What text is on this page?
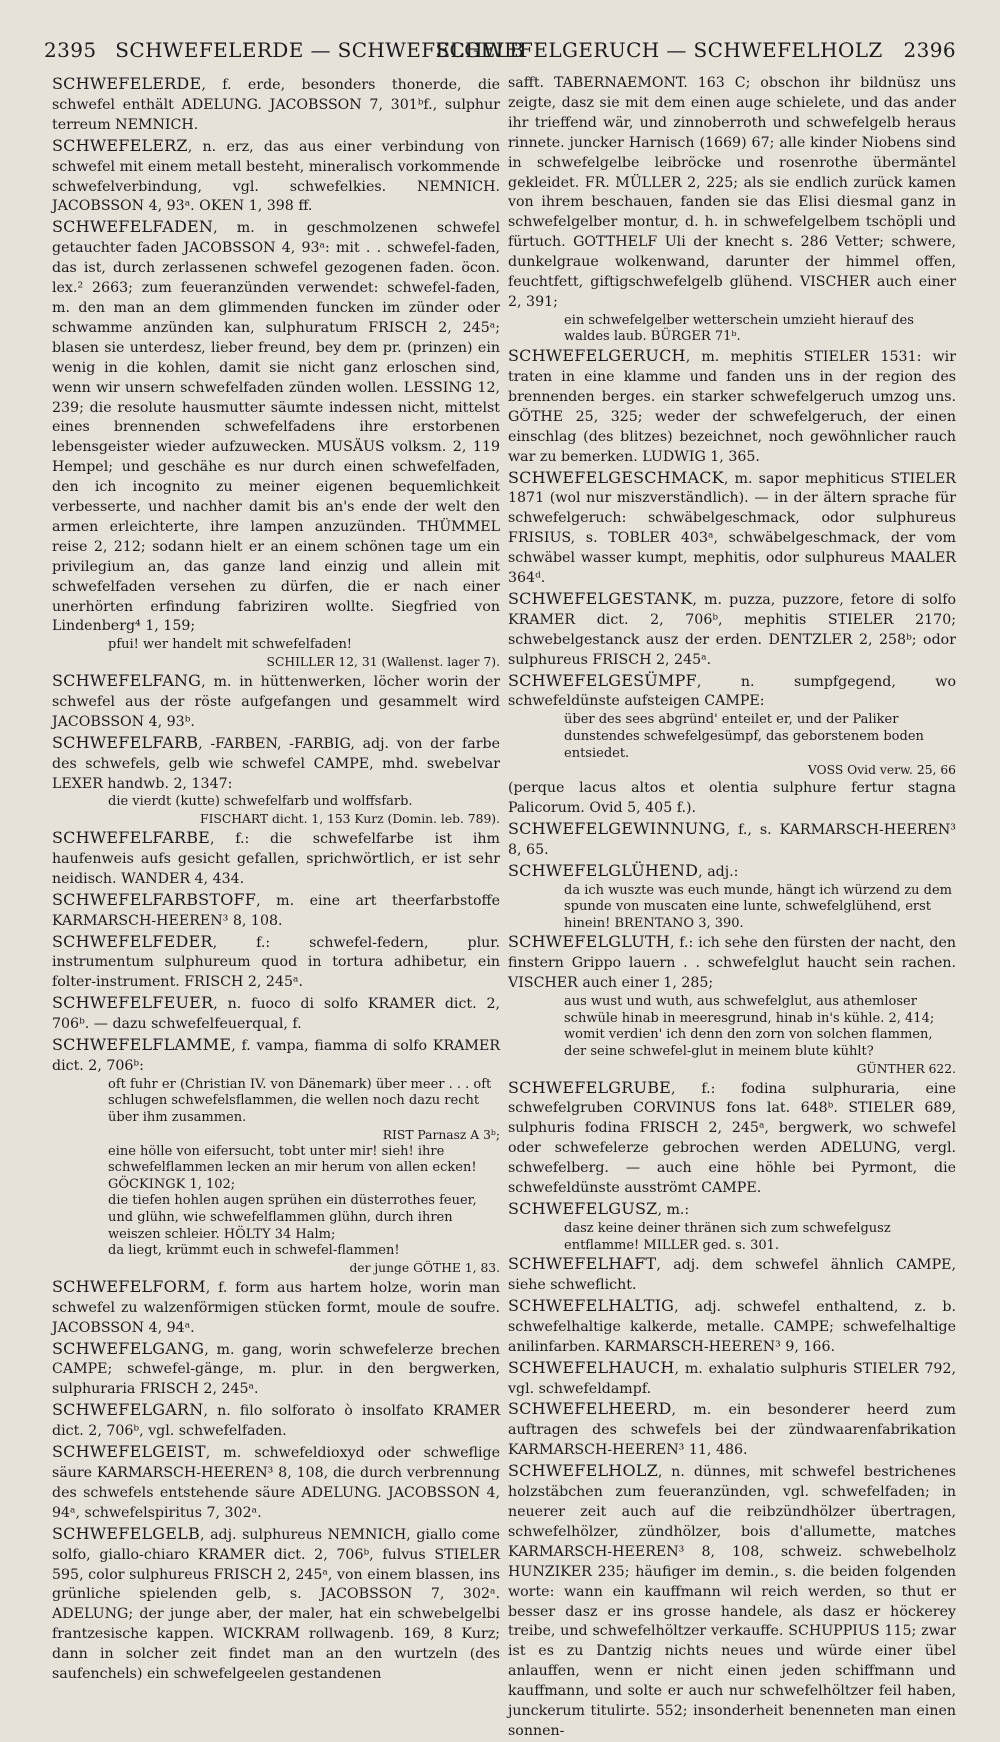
2395 SCHWEFELERDE — SCHWEFELGELB
SCHWEFELGERUCH — SCHWEFELHOLZ 2396

SCHWEFELERDE, f. erde, besonders thonerde, die schwefel enthält ADELUNG. JACOBSSON 7, 301ᵇf., sulphur terreum NEMNICH.

SCHWEFELERZ, n. erz, das aus einer verbindung von schwefel mit einem metall besteht, mineralisch vorkommende schwefelverbindung, vgl. schwefelkies. NEMNICH. JACOBSSON 4, 93ᵃ. OKEN 1, 398 ff.

SCHWEFELFADEN, m. in geschmolzenen schwefel getauchter faden JACOBSSON 4, 93ᵃ: mit . . schwefel-faden, das ist, durch zerlassenen schwefel gezogenen faden. öcon. lex.² 2663; zum feueranzünden verwendet: schwefel-faden, m. den man an dem glimmenden funcken im zünder oder schwamme anzünden kan, sulphuratum FRISCH 2, 245ᵃ; blasen sie unterdesz, lieber freund, bey dem pr. (prinzen) ein wenig in die kohlen, damit sie nicht ganz erloschen sind, wenn wir unsern schwefelfaden zünden wollen. LESSING 12, 239; die resolute hausmutter säumte indessen nicht, mittelst eines brennenden schwefelfadens ihre erstorbenen lebensgeister wieder aufzuwecken. MUSÄUS volksm. 2, 119 Hempel; und geschähe es nur durch einen schwefelfaden, den ich incognito zu meiner eigenen bequemlichkeit verbesserte, und nachher damit bis an's ende der welt den armen erleichterte, ihre lampen anzuzünden. THÜMMEL reise 2, 212; sodann hielt er an einem schönen tage um ein privilegium an, das ganze land einzig und allein mit schwefelfaden versehen zu dürfen, die er nach einer unerhörten erfindung fabriziren wollte. Siegfried von Lindenberg⁴ 1, 159;

pfui! wer handelt mit schwefelfaden!
SCHILLER 12, 31 (Wallenst. lager 7).

SCHWEFELFANG, m. in hüttenwerken, löcher worin der schwefel aus der röste aufgefangen und gesammelt wird JACOBSSON 4, 93ᵇ.

SCHWEFELFARB, -FARBEN, -FARBIG, adj. von der farbe des schwefels, gelb wie schwefel CAMPE, mhd. swebelvar LEXER handwb. 2, 1347:

die vierdt (kutte) schwefelfarb und wolffsfarb.
FISCHART dicht. 1, 153 Kurz (Domin. leb. 789).

SCHWEFELFARBE, f.: die schwefelfarbe ist ihm haufenweis aufs gesicht gefallen, sprichwörtlich, er ist sehr neidisch. WANDER 4, 434.

SCHWEFELFARBSTOFF, m. eine art theerfarbstoffe KARMARSCH-HEEREN³ 8, 108.

SCHWEFELFEDER, f.: schwefel-federn, plur. instrumentum sulphureum quod in tortura adhibetur, ein folter-instrument. FRISCH 2, 245ᵃ.

SCHWEFELFEUER, n. fuoco di solfo KRAMER dict. 2, 706ᵇ. — dazu schwefelfeuerqual, f.

SCHWEFELFLAMME, f. vampa, fiamma di solfo KRAMER dict. 2, 706ᵇ:

oft fuhr er (Christian IV. von Dänemark) über meer . . . oft schlugen schwefelsflammen, die wellen noch dazu recht über ihm zusammen.
RIST Parnasz A 3ᵇ;
eine hölle von eifersucht, tobt unter mir! sieh! ihre schwefelflammen lecken an mir herum von allen ecken! GÖCKINGK 1, 102;
die tiefen hohlen augen sprühen ein düsterrothes feuer, und glühn, wie schwefelflammen glühn, durch ihren weiszen schleier. HÖLTY 34 Halm;
da liegt, krümmt euch in schwefel-flammen!
der junge GÖTHE 1, 83.

SCHWEFELFORM, f. form aus hartem holze, worin man schwefel zu walzenförmigen stücken formt, moule de soufre. JACOBSSON 4, 94ᵃ.

SCHWEFELGANG, m. gang, worin schwefelerze brechen CAMPE; schwefel-gänge, m. plur. in den bergwerken, sulphuraria FRISCH 2, 245ᵃ.

SCHWEFELGARN, n. filo solforato ò insolfato KRAMER dict. 2, 706ᵇ, vgl. schwefelfaden.

SCHWEFELGEIST, m. schwefeldioxyd oder schweflige säure KARMARSCH-HEEREN³ 8, 108, die durch verbrennung des schwefels entstehende säure ADELUNG. JACOBSSON 4, 94ᵃ, schwefelspiritus 7, 302ᵃ.

SCHWEFELGELB, adj. sulphureus NEMNICH, giallo come solfo, giallo-chiaro KRAMER dict. 2, 706ᵇ, fulvus STIELER 595, color sulphureus FRISCH 2, 245ᵃ, von einem blassen, ins grünliche spielenden gelb, s. JACOBSSON 7, 302ᵃ. ADELUNG; der junge aber, der maler, hat ein schwebelgelbi frantzesische kappen. WICKRAM rollwagenb. 169, 8 Kurz; dann in solcher zeit findet man an den wurtzeln (des saufenchels) ein schwefelgeelen gestandenen

safft. TABERNAEMONT. 163 C; obschon ihr bildnüsz uns zeigte, dasz sie mit dem einen auge schielete, und das ander ihr trieffend wär, und zinnoberroth und schwefelgelb heraus rinnete. juncker Harnisch (1669) 67; alle kinder Niobens sind in schwefelgelbe leibröcke und rosenrothe übermäntel gekleidet. FR. MÜLLER 2, 225; als sie endlich zurück kamen von ihrem beschauen, fanden sie das Elisi diesmal ganz in schwefelgelber montur, d. h. in schwefelgelbem tschöpli und fürtuch. GOTTHELF Uli der knecht s. 286 Vetter; schwere, dunkelgraue wolkenwand, darunter der himmel offen, feuchtfett, giftigschwefelgelb glühend. VISCHER auch einer 2, 391;

ein schwefelgelber wetterschein umzieht hierauf des waldes laub. BÜRGER 71ᵇ.

SCHWEFELGERUCH, m. mephitis STIELER 1531: wir traten in eine klamme und fanden uns in der region des brennenden berges. ein starker schwefelgeruch umzog uns. GÖTHE 25, 325; weder der schwefelgeruch, der einen einschlag (des blitzes) bezeichnet, noch gewöhnlicher rauch war zu bemerken. LUDWIG 1, 365.

SCHWEFELGESCHMACK, m. sapor mephiticus STIELER 1871 (wol nur miszverständlich). — in der ältern sprache für schwefelgeruch: schwäbelgeschmack, odor sulphureus FRISIUS, s. TOBLER 403ᵃ, schwäbelgeschmack, der vom schwäbel wasser kumpt, mephitis, odor sulphureus MAALER 364ᵈ.

SCHWEFELGESTANK, m. puzza, puzzore, fetore di solfo KRAMER dict. 2, 706ᵇ, mephitis STIELER 2170; schwebelgestanck ausz der erden. DENTZLER 2, 258ᵇ; odor sulphureus FRISCH 2, 245ᵃ.

SCHWEFELGESÜMPF, n. sumpfgegend, wo schwefeldünste aufsteigen CAMPE:

über des sees abgründ' enteilet er, und der Paliker dunstendes schwefelgesümpf, das geborstenem boden entsiedet.
VOSS Ovid verw. 25, 66

(perque lacus altos et olentia sulphure fertur stagna Palicorum. Ovid 5, 405 f.).

SCHWEFELGEWINNUNG, f., s. KARMARSCH-HEEREN³ 8, 65.

SCHWEFELGLÜHEND, adj.:

da ich wuszte was euch munde, hängt ich würzend zu dem spunde von muscaten eine lunte, schwefelglühend, erst hinein! BRENTANO 3, 390.

SCHWEFELGLUTH, f.: ich sehe den fürsten der nacht, den finstern Grippo lauern . . schwefelglut haucht sein rachen. VISCHER auch einer 1, 285;

aus wust und wuth, aus schwefelglut, aus athemloser schwüle hinab in meeresgrund, hinab in's kühle. 2, 414; womit verdien' ich denn den zorn von solchen flammen, der seine schwefel-glut in meinem blute kühlt?
GÜNTHER 622.

SCHWEFELGRUBE, f.: fodina sulphuraria, eine schwefelgruben CORVINUS fons lat. 648ᵇ. STIELER 689, sulphuris fodina FRISCH 2, 245ᵃ, bergwerk, wo schwefel oder schwefelerze gebrochen werden ADELUNG, vergl. schwefelberg. — auch eine höhle bei Pyrmont, die schwefeldünste ausströmt CAMPE.

SCHWEFELGUSZ, m.:

dasz keine deiner thränen sich zum schwefelgusz entflamme! MILLER ged. s. 301.

SCHWEFELHAFT, adj. dem schwefel ähnlich CAMPE, siehe schweflicht.

SCHWEFELHALTIG, adj. schwefel enthaltend, z. b. schwefelhaltige kalkerde, metalle. CAMPE; schwefelhaltige anilinfarben. KARMARSCH-HEEREN³ 9, 166.

SCHWEFELHAUCH, m. exhalatio sulphuris STIELER 792, vgl. schwefeldampf.

SCHWEFELHEERD, m. ein besonderer heerd zum auftragen des schwefels bei der zündwaarenfabrikation KARMARSCH-HEEREN³ 11, 486.

SCHWEFELHOLZ, n. dünnes, mit schwefel bestrichenes holzstäbchen zum feueranzünden, vgl. schwefelfaden; in neuerer zeit auch auf die reibzündhölzer übertragen, schwefelhölzer, zündhölzer, bois d'allumette, matches KARMARSCH-HEEREN³ 8, 108, schweiz. schwebelholz HUNZIKER 235; häufiger im demin., s. die beiden folgenden worte: wann ein kauffmann wil reich werden, so thut er besser dasz er ins grosse handele, als dasz er höckerey treibe, und schwefelhöltzer verkauffe. SCHUPPIUS 115; zwar ist es zu Dantzig nichts neues und würde einer übel anlauffen, wenn er nicht einen jeden schiffmann und kauffmann, und solte er auch nur schwefelhöltzer feil haben, junckerum titulirte. 552; insonderheit benenneten man einen sonnen-
